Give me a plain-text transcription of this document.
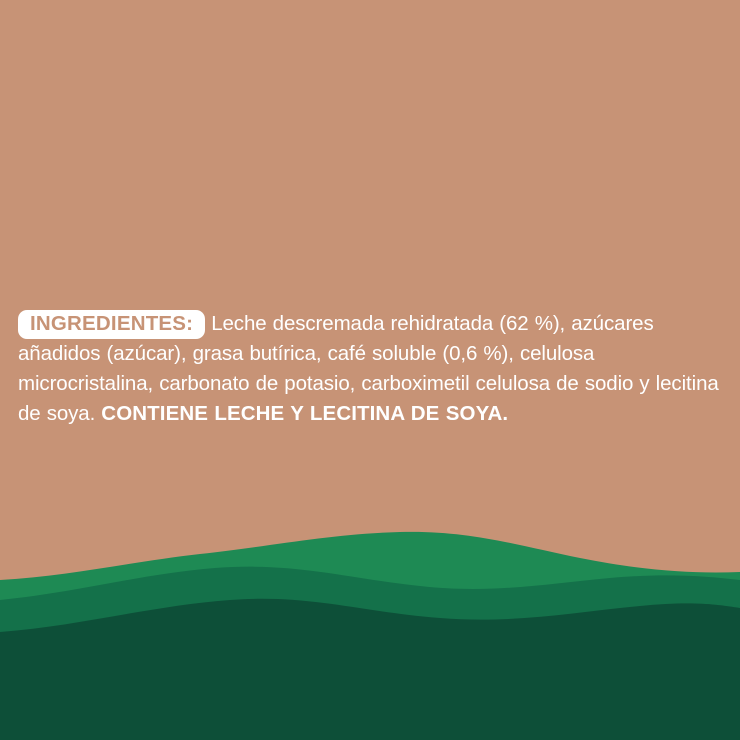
INGREDIENTES: Leche descremada rehidratada (62 %), azúcares añadidos (azúcar), grasa butírica, café soluble (0,6 %), celulosa microcristalina, carbonato de potasio, carboximetil celulosa de sodio y lecitina de soya. CONTIENE LECHE Y LECITINA DE SOYA.
